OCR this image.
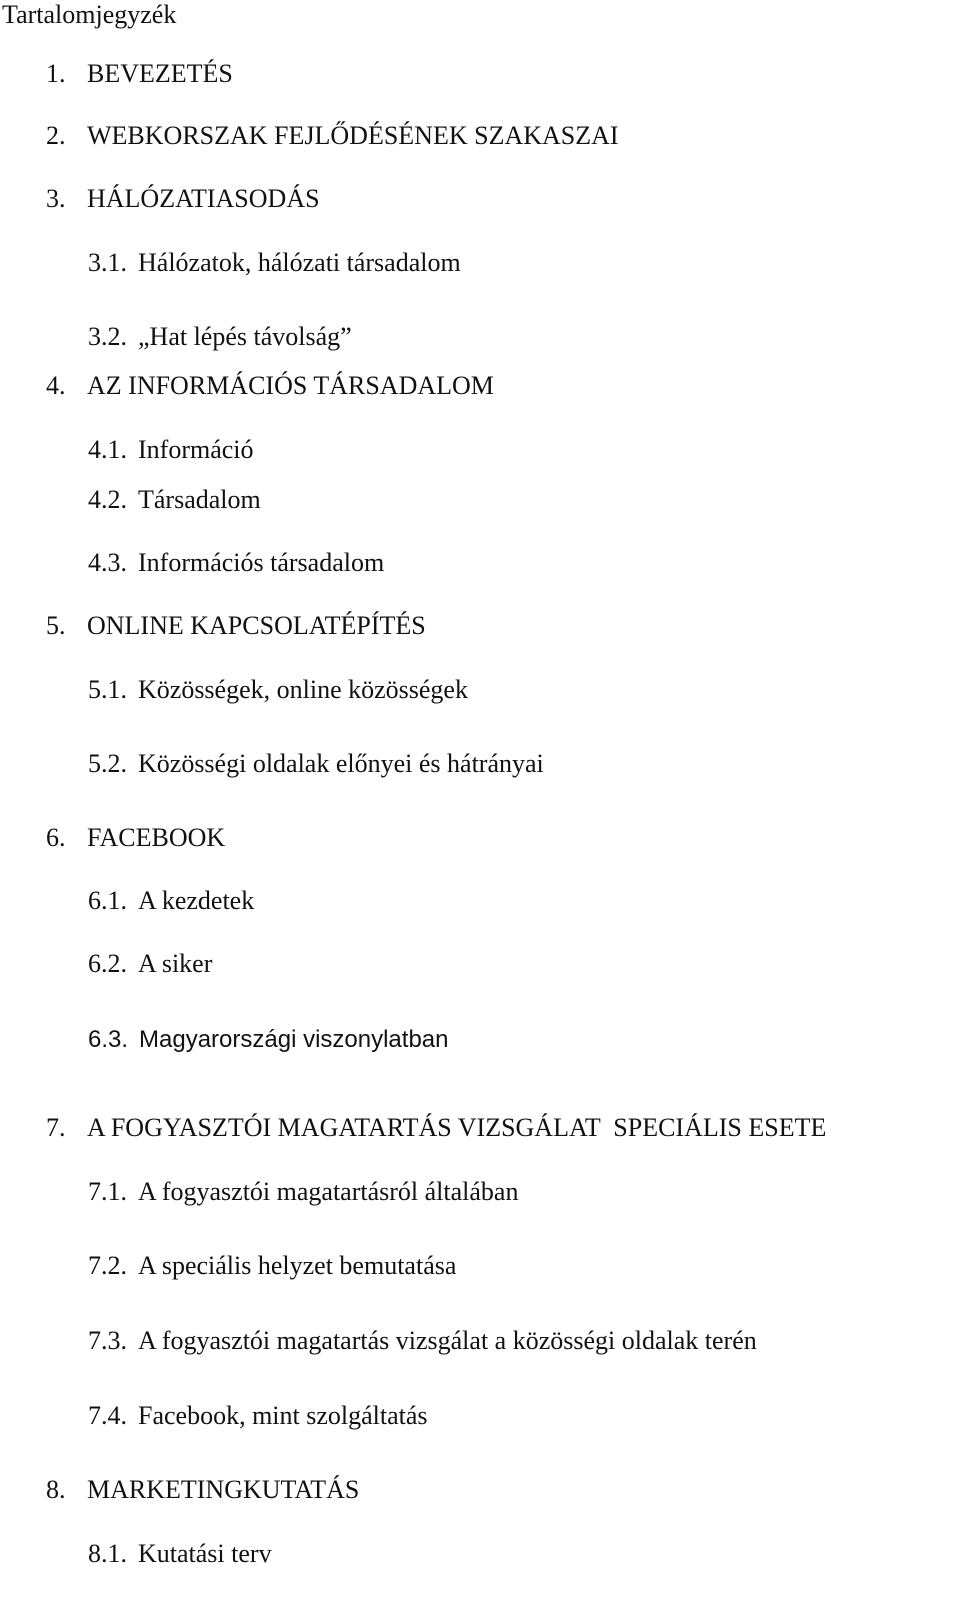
Tartalomjegyzék
1. BEVEZETÉS
2. WEBKORSZAK FEJLŐDÉSÉNEK SZAKASZAI
3. HÁLÓZATIASODÁS
3.1. Hálózatok, hálózati társadalom
3.2. „Hat lépés távolság”
4. AZ INFORMÁCIÓS TÁRSADALOM
4.1. Információ
4.2. Társadalom
4.3. Információs társadalom
5. ONLINE KAPCSOLATÉPÍTÉS
5.1. Közösségek, online közösségek
5.2. Közösségi oldalak előnyei és hátrányai
6. FACEBOOK
6.1. A kezdetek
6.2. A siker
6.3. Magyarországi viszonylatban
7. A FOGYASZTÓI MAGATARTÁS VIZSGÁLAT  SPECIÁLIS ESETE
7.1. A fogyasztói magatartásról általában
7.2. A speciális helyzet bemutatása
7.3. A fogyasztói magatartás vizsgálat a közösségi oldalak terén
7.4. Facebook, mint szolgáltatás
8. MARKETINGKUTATÁS
8.1. Kutatási terv
